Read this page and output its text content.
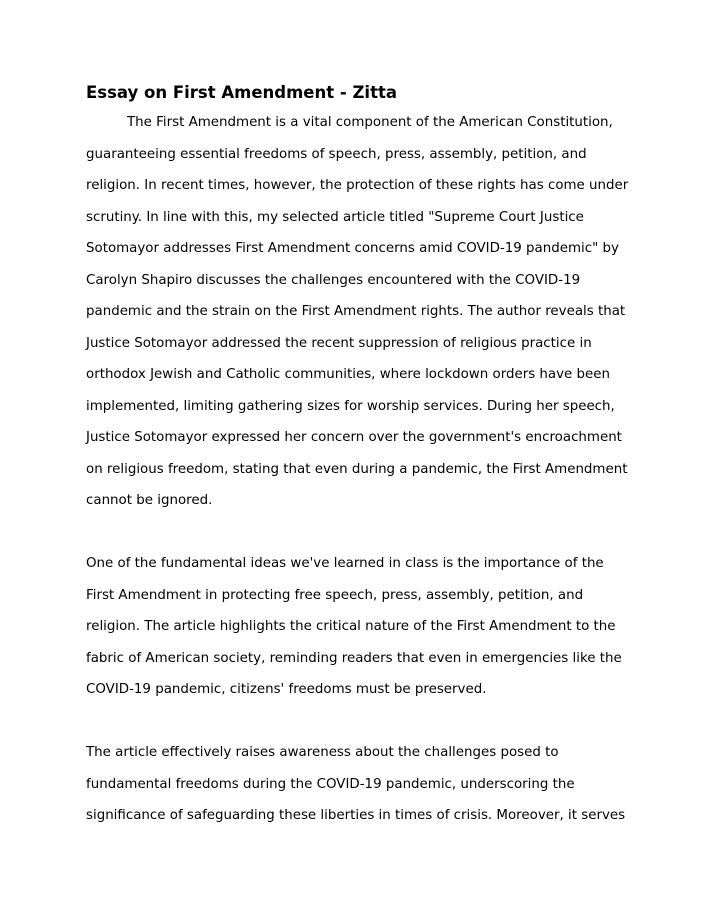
Essay on First Amendment - Zitta

The First Amendment is a vital component of the American Constitution,
guaranteeing essential freedoms of speech, press, assembly, petition, and
religion. In recent times, however, the protection of these rights has come under
scrutiny. In line with this, my selected article titled "Supreme Court Justice
Sotomayor addresses First Amendment concerns amid COVID-19 pandemic" by
Carolyn Shapiro discusses the challenges encountered with the COVID-19
pandemic and the strain on the First Amendment rights. The author reveals that
Justice Sotomayor addressed the recent suppression of religious practice in
orthodox Jewish and Catholic communities, where lockdown orders have been
implemented, limiting gathering sizes for worship services. During her speech,
Justice Sotomayor expressed her concern over the government's encroachment
on religious freedom, stating that even during a pandemic, the First Amendment
cannot be ignored.

One of the fundamental ideas we've learned in class is the importance of the
First Amendment in protecting free speech, press, assembly, petition, and
religion. The article highlights the critical nature of the First Amendment to the
fabric of American society, reminding readers that even in emergencies like the
COVID-19 pandemic, citizens' freedoms must be preserved.

The article effectively raises awareness about the challenges posed to
fundamental freedoms during the COVID-19 pandemic, underscoring the
significance of safeguarding these liberties in times of crisis. Moreover, it serves
